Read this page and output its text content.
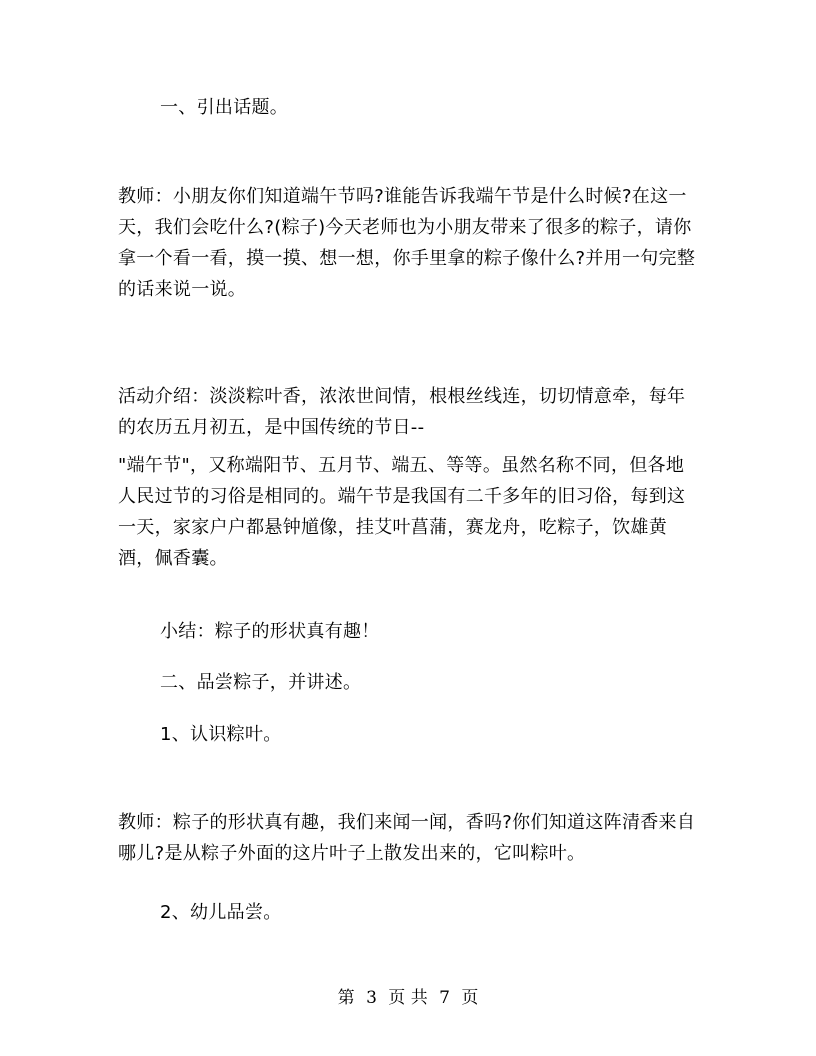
一、引出话题。

教师：小朋友你们知道端午节吗?谁能告诉我端午节是什么时候?在这一天，我们会吃什么?(粽子)今天老师也为小朋友带来了很多的粽子，请你拿一个看一看，摸一摸、想一想，你手里拿的粽子像什么?并用一句完整的话来说一说。

活动介绍：淡淡粽叶香，浓浓世间情，根根丝线连，切切情意牵，每年的农历五月初五，是中国传统的节日--

"端午节"，又称端阳节、五月节、端五、等等。虽然名称不同，但各地人民过节的习俗是相同的。端午节是我国有二千多年的旧习俗，每到这一天，家家户户都悬钟馗像，挂艾叶菖蒲，赛龙舟，吃粽子，饮雄黄酒，佩香囊。

小结：粽子的形状真有趣！

二、品尝粽子，并讲述。

1、认识粽叶。

教师：粽子的形状真有趣，我们来闻一闻，香吗?你们知道这阵清香来自哪儿?是从粽子外面的这片叶子上散发出来的，它叫粽叶。

2、幼儿品尝。

第 3 页 共 7 页
